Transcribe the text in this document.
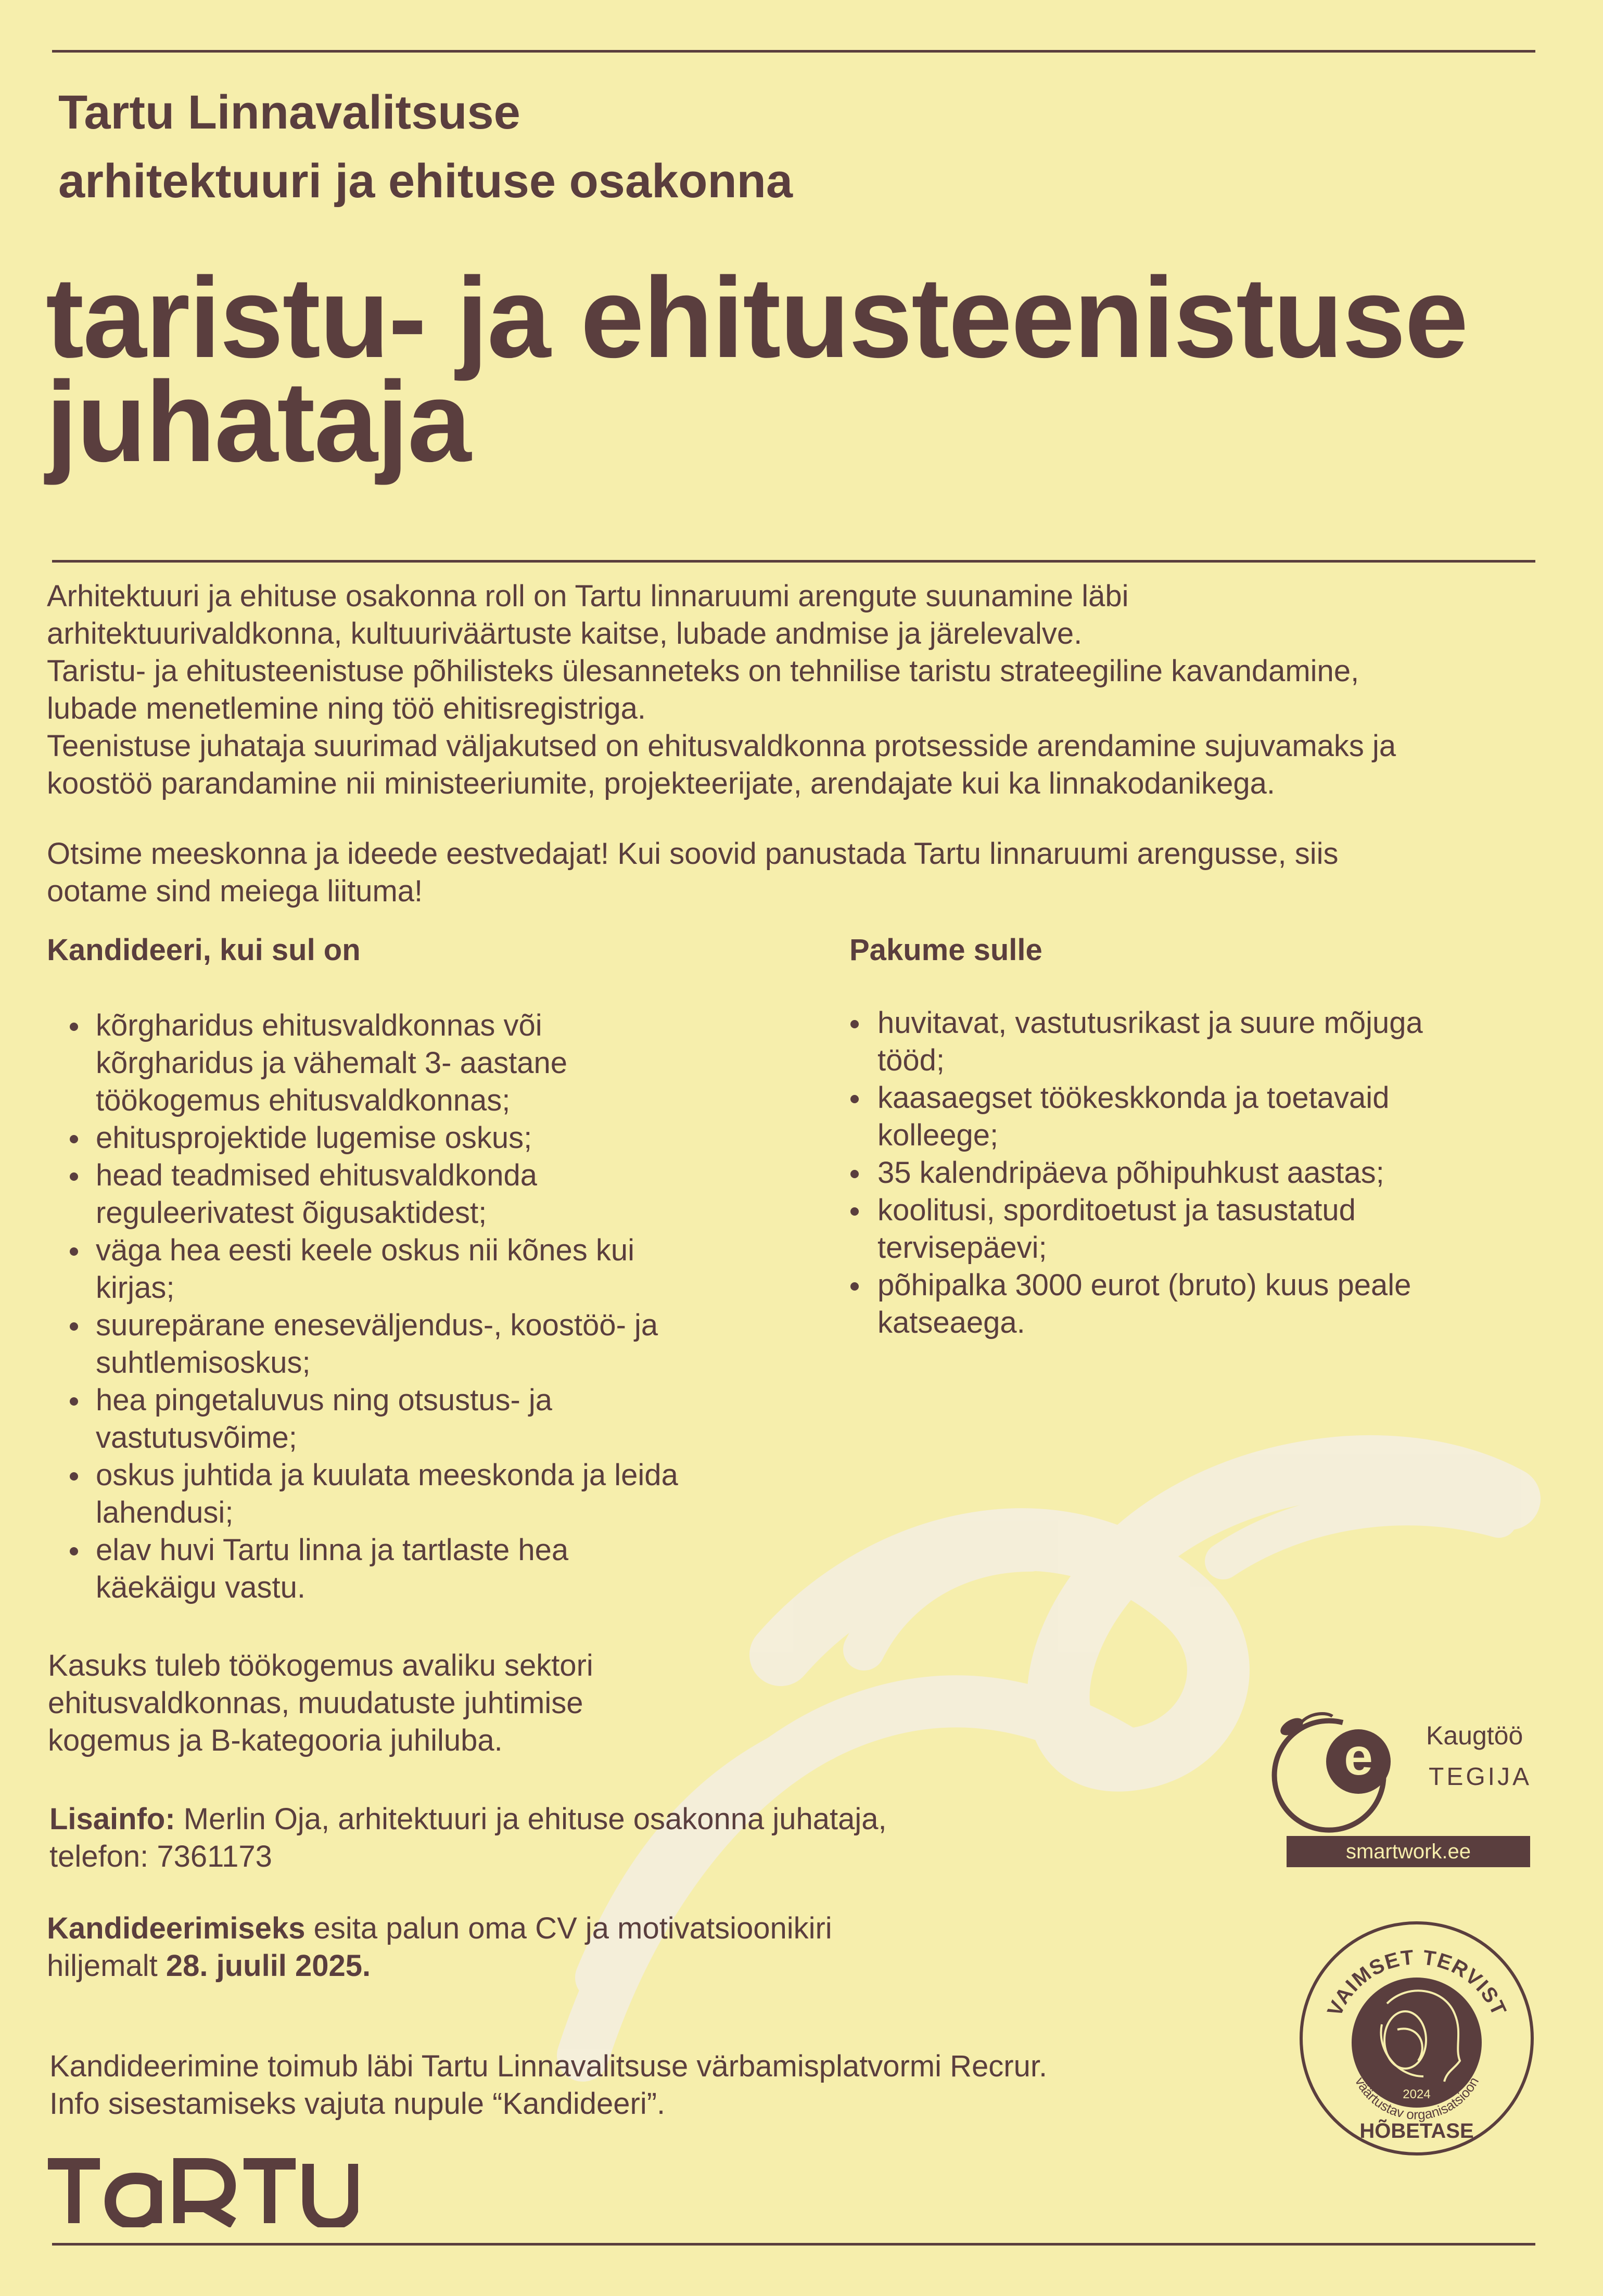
Tartu Linnavalitsuse
arhitektuuri ja ehituse osakonna
taristu- ja ehitusteenistuse
juhataja

Arhitektuuri ja ehituse osakonna roll on Tartu linnaruumi arengute suunamine läbi

arhitektuurivaldkonna, kultuuriväärtuste kaitse, lubade andmise ja järelevalve.

Taristu- ja ehitusteenistuse põhilisteks ülesanneteks on tehnilise taristu strateegiline kavandamine,

lubade menetlemine ning töö ehitisregistriga.

Teenistuse juhataja suurimad väljakutsed on ehitusvaldkonna protsesside arendamine sujuvamaks ja

koostöö parandamine nii ministeeriumite, projekteerijate, arendajate kui ka linnakodanikega.

Otsime meeskonna ja ideede eestvedajat! Kui soovid panustada Tartu linnaruumi arengusse, siis

ootame sind meiega liituma!

Kandideeri, kui sul on	Pakume sulle
kõrgharidus ehitusvaldkonnas või
kõrgharidus ja vähemalt 3- aastane
töökogemus ehitusvaldkonnas;
ehitusprojektide lugemise oskus;
head teadmised ehitusvaldkonda
reguleerivatest õigusaktidest;
väga hea eesti keele oskus nii kõnes kui
kirjas;
suurepärane eneseväljendus-, koostöö- ja
suhtlemisoskus;
hea pingetaluvus ning otsustus- ja
vastutusvõime;
oskus juhtida ja kuulata meeskonda ja leida
lahendusi;
elav huvi Tartu linna ja tartlaste hea
käekäigu vastu.
huvitavat, vastutusrikast ja suure mõjuga
tööd;
kaasaegset töökeskkonda ja toetavaid
kolleege;
35 kalendripäeva põhipuhkust aastas;
koolitusi, sporditoetust ja tasustatud
tervisepäevi;
põhipalka 3000 eurot (bruto) kuus peale
katseaega.

Kasuks tuleb töökogemus avaliku sektori

ehitusvaldkonnas, muudatuste juhtimise

kogemus ja B-kategooria juhiluba.

Lisainfo: Merlin Oja, arhitektuuri ja ehituse osakonna juhataja,

telefon: 7361173

Kandideerimiseks esita palun oma CV ja motivatsioonikiri

hiljemalt 28. juulil 2025.

Kandideerimine toimub läbi Tartu Linnavalitsuse värbamisplatvormi Recrur.

Info sisestamiseks vajuta nupule “Kandideeri”.

e Kaugtöö
TEGIJA
smartwork.ee
VAIMSET TERVIST
2024
väärtustav organisatsioon
HÕBETASE
